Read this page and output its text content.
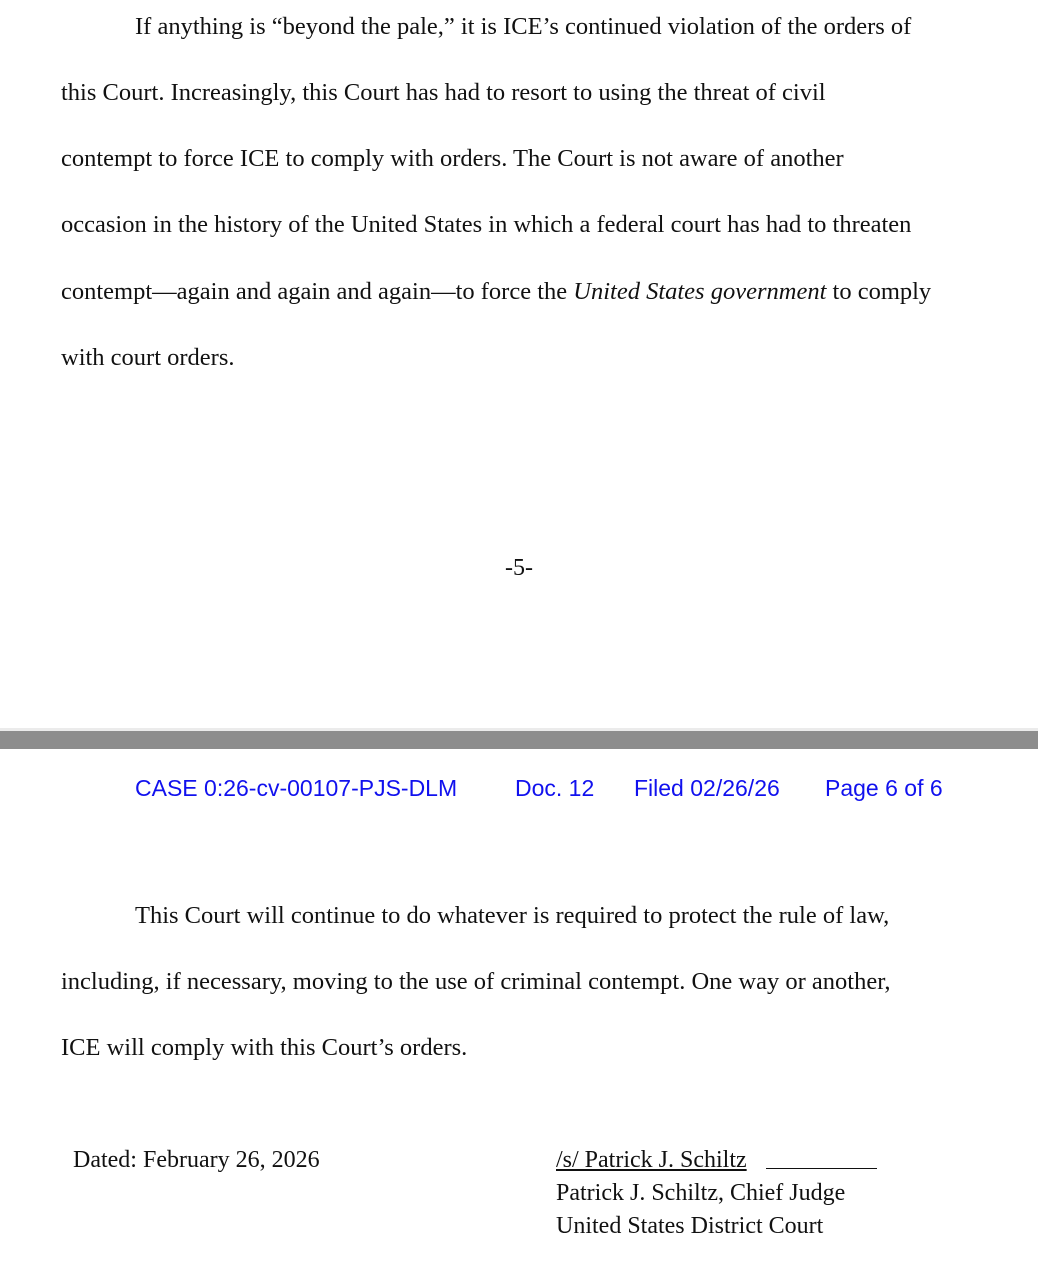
If anything is “beyond the pale,” it is ICE’s continued violation of the orders of
this Court. Increasingly, this Court has had to resort to using the threat of civil
contempt to force ICE to comply with orders. The Court is not aware of another
occasion in the history of the United States in which a federal court has had to threaten
contempt—again and again and again—to force the United States government to comply
with court orders.
-5-
CASE 0:26-cv-00107-PJS-DLM	Doc. 12 Filed 02/26/26 Page 6 of 6
This Court will continue to do whatever is required to protect the rule of law,
including, if necessary, moving to the use of criminal contempt. One way or another,
ICE will comply with this Court’s orders.
Dated: February 26, 2026	/s/ Patrick J. Schiltz
Patrick J. Schiltz, Chief Judge
United States District Court
